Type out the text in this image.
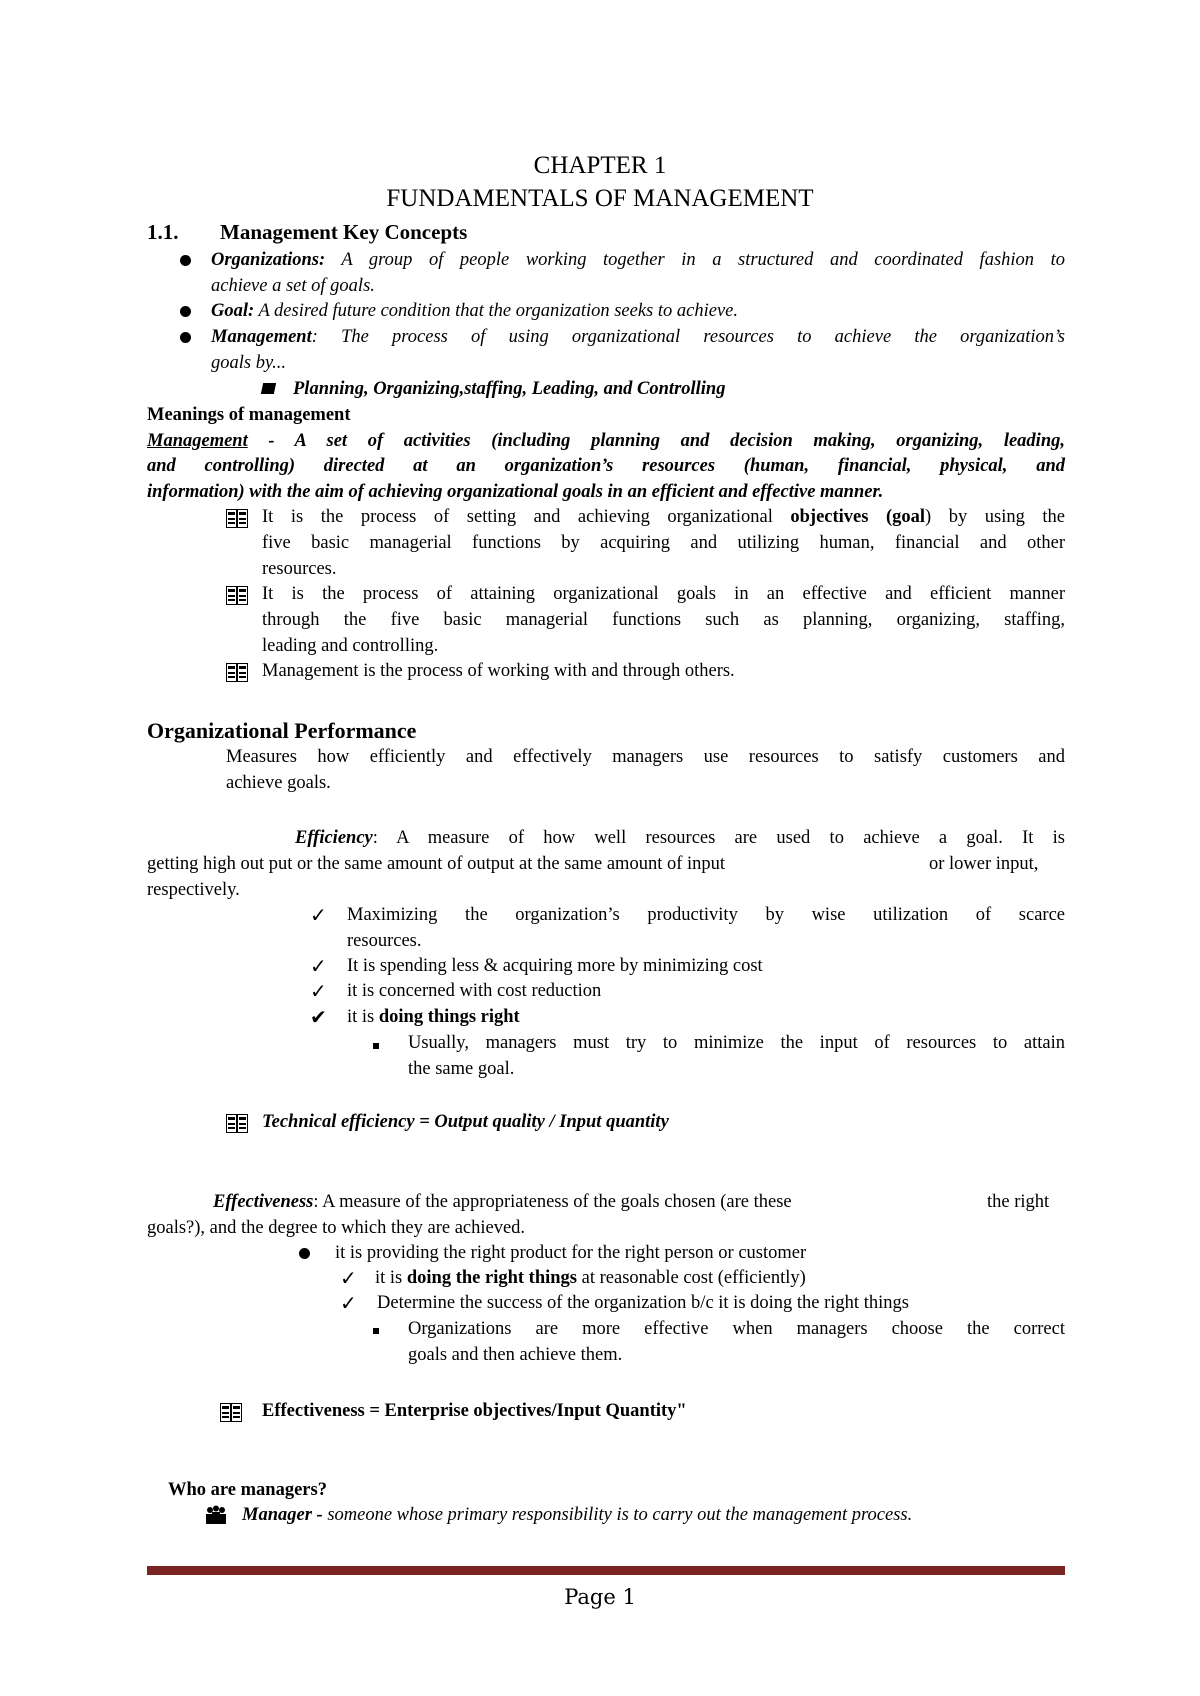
CHAPTER 1
FUNDAMENTALS OF MANAGEMENT
1.1. Management Key Concepts
Organizations: A group of people working together in a structured and coordinated fashion to
achieve a set of goals.
Goal: A desired future condition that the organization seeks to achieve.
Management: The process of using organizational resources to achieve the organization’s
goals by...
Planning, Organizing,staffing, Leading, and Controlling
Meanings of management
Management - A set of activities (including planning and decision making, organizing, leading,
and controlling) directed at an organization’s resources (human, financial, physical, and
information) with the aim of achieving organizational goals in an efficient and effective manner.
It is the process of setting and achieving organizational objectives (goal) by using the
five basic managerial functions by acquiring and utilizing human, financial and other
resources.
It is the process of attaining organizational goals in an effective and efficient manner
through the five basic managerial functions such as planning, organizing, staffing,
leading and controlling.
Management is the process of working with and through others.
Organizational Performance
Measures how efficiently and effectively managers use resources to satisfy customers and
achieve goals.
Efficiency: A measure of how well resources are used to achieve a goal. It is
getting high out put or the same amount of output at the same amount of input	or lower input,
respectively.
✓ Maximizing the organization’s productivity by wise utilization of scarce
resources.
✓ It is spending less & acquiring more by minimizing cost
✓ it is concerned with cost reduction
✔ it is doing things right
Usually, managers must try to minimize the input of resources to attain
the same goal.
Technical efficiency = Output quality / Input quantity
Effectiveness: A measure of the appropriateness of the goals chosen (are these	the right
goals?), and the degree to which they are achieved.
it is providing the right product for the right person or customer
✓ it is doing the right things at reasonable cost (efficiently)
✓ Determine the success of the organization b/c it is doing the right things
Organizations are more effective when managers choose the correct
goals and then achieve them.
Effectiveness = Enterprise objectives/Input Quantity"
Who are managers?
Manager - someone whose primary responsibility is to carry out the management process.
Page 1
